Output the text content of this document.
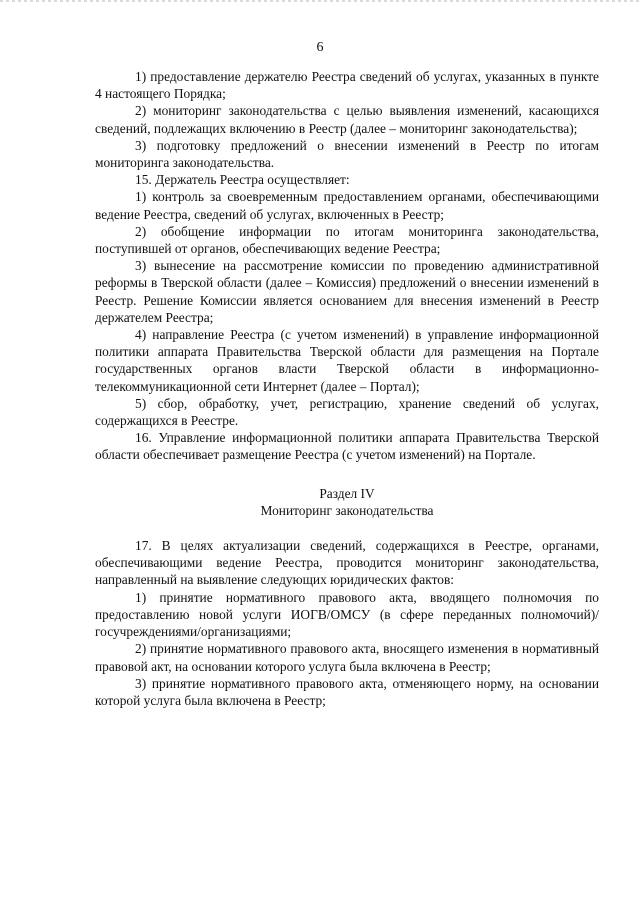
6

1) предоставление держателю Реестра сведений об услугах, указанных в пункте 4 настоящего Порядка;

2) мониторинг законодательства с целью выявления изменений, касающихся сведений, подлежащих включению в Реестр (далее – мониторинг законодательства);

3) подготовку предложений о внесении изменений в Реестр по итогам мониторинга законодательства.

15. Держатель Реестра осуществляет:

1) контроль за своевременным предоставлением органами, обеспечивающими ведение Реестра, сведений об услугах, включенных в Реестр;

2) обобщение информации по итогам мониторинга законодательства, поступившей от органов, обеспечивающих ведение Реестра;

3) вынесение на рассмотрение комиссии по проведению административной реформы в Тверской области (далее – Комиссия) предложений о внесении изменений в Реестр. Решение Комиссии является основанием для внесения изменений в Реестр держателем Реестра;

4) направление Реестра (с учетом изменений) в управление информационной политики аппарата Правительства Тверской области для размещения на Портале государственных органов власти Тверской области в информационно-телекоммуникационной сети Интернет (далее – Портал);

5) сбор, обработку, учет, регистрацию, хранение сведений об услугах, содержащихся в Реестре.

16. Управление информационной политики аппарата Правительства Тверской области обеспечивает размещение Реестра (с учетом изменений) на Портале.

Раздел IV

Мониторинг законодательства

17. В целях актуализации сведений, содержащихся в Реестре, органами, обеспечивающими ведение Реестра, проводится мониторинг законодательства, направленный на выявление следующих юридических фактов:

1) принятие нормативного правового акта, вводящего полномочия по предоставлению новой услуги ИОГВ/ОМСУ (в сфере переданных полномочий)/госучреждениями/организациями;

2) принятие нормативного правового акта, вносящего изменения в нормативный правовой акт, на основании которого услуга была включена в Реестр;

3) принятие нормативного правового акта, отменяющего норму, на основании которой услуга была включена в Реестр;
